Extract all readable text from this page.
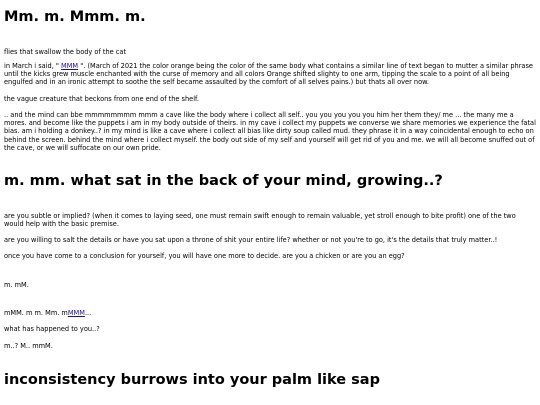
Mm. m. Mmm. m.

flies that swallow the body of the cat

in March i said, " MMM ". (March of 2021 the color orange being the color of the same body what contains a similar line of text began to mutter a similar phrase until the kicks grew muscle enchanted with the curse of memory and all colors Orange shifted slighty to one arm, tipping the scale to a point of all being engulfed and in an ironic attempt to soothe the self became assaulted by the comfort of all selves pains.) but thats all over now.

the vague creature that beckons from one end of the shelf.

.. and the mind can bbe mmmmmmmm mmm a cave like the body where i collect all self.. you you you you you him her them they/ me ... the many me a mores. and become like the puppets i am in my body outside of theirs. in my cave i collect my puppets we converse we share memories we experience the fatal bias. am i holding a donkey..? in my mind is like a cave where i collect all bias like dirty soup called mud. they phrase it in a way coincidental enough to echo on behind the screen. behind the mind where i collect myself. the body out side of my self and yourself will get rid of you and me. we will all become snuffed out of the cave, or we will suffocate on our own pride.

m. mm. what sat in the back of your mind, growing..?

are you subtle or implied? (when it comes to laying seed, one must remain swift enough to remain valuable, yet stroll enough to bite profit) one of the two would help with the basic premise.

are you willing to salt the details or have you sat upon a throne of shit your entire life? whether or not you're to go, it's the details that truly matter..!

once you have come to a conclusion for yourself, you will have one more to decide. are you a chicken or are you an egg?

m. mM.

mMM. m m. Mm. mMMM...

what has happened to you..?

m..? M.. mmM.

inconsistency burrows into your palm like sap
